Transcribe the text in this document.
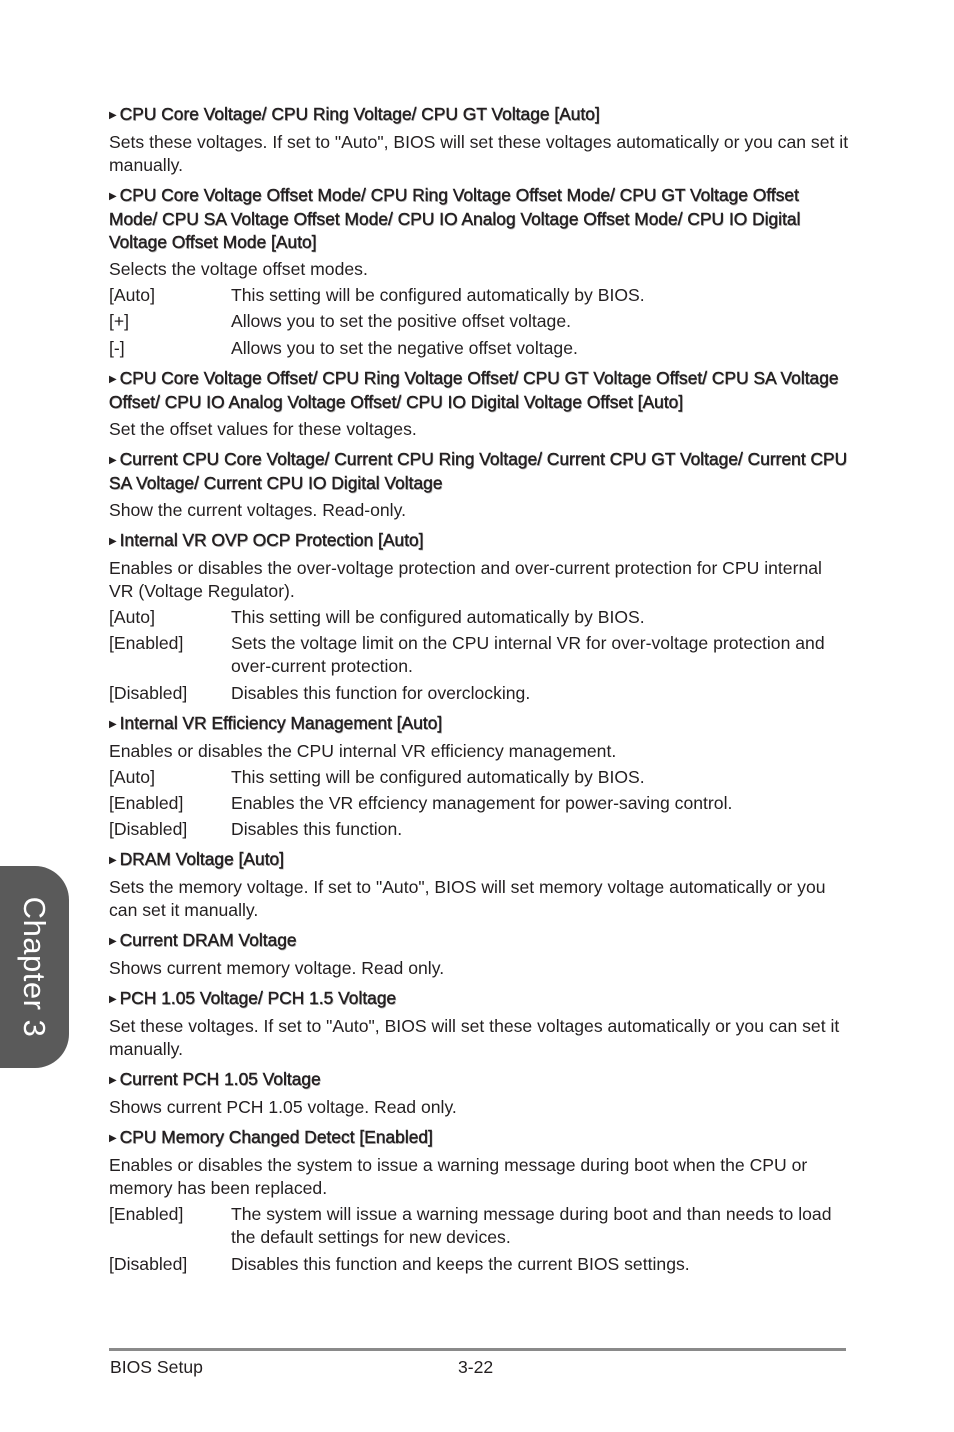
▶ CPU Core Voltage/ CPU Ring Voltage/ CPU GT Voltage [Auto]
Sets these voltages. If set to "Auto", BIOS will set these voltages automatically or you can set it manually.
▶ CPU Core Voltage Offset Mode/ CPU Ring Voltage Offset Mode/ CPU GT Voltage Offset Mode/ CPU SA Voltage Offset Mode/ CPU IO Analog Voltage Offset Mode/ CPU IO Digital Voltage Offset Mode [Auto]
Selects the voltage offset modes.
[Auto]	This setting will be configured automatically by BIOS.
[+]	Allows you to set the positive offset voltage.
[-]	Allows you to set the negative offset voltage.
▶ CPU Core Voltage Offset/ CPU Ring Voltage Offset/ CPU GT Voltage Offset/ CPU SA Voltage Offset/ CPU IO Analog Voltage Offset/ CPU IO Digital Voltage Offset [Auto]
Set the offset values for these voltages.
▶ Current CPU Core Voltage/ Current CPU Ring Voltage/ Current CPU GT Voltage/ Current CPU SA Voltage/ Current CPU IO Digital Voltage
Show the current voltages. Read-only.
▶ Internal VR OVP OCP Protection [Auto]
Enables or disables the over-voltage protection and over-current protection for CPU internal VR (Voltage Regulator).
[Auto]	This setting will be configured automatically by BIOS.
[Enabled]	Sets the voltage limit on the CPU internal VR for over-voltage protection and over-current protection.
[Disabled]	Disables this function for overclocking.
▶ Internal VR Efficiency Management [Auto]
Enables or disables the CPU internal VR efficiency management.
[Auto]	This setting will be configured automatically by BIOS.
[Enabled]	Enables the VR effciency management for power-saving control.
[Disabled]	Disables this function.
▶ DRAM Voltage [Auto]
Sets the memory voltage. If set to "Auto", BIOS will set memory voltage automatically or you can set it manually.
▶ Current DRAM Voltage
Shows current memory voltage. Read only.
▶ PCH 1.05 Voltage/ PCH 1.5 Voltage
Set these voltages. If set to "Auto", BIOS will set these voltages automatically or you can set it manually.
▶ Current PCH 1.05 Voltage
Shows current PCH 1.05 voltage. Read only.
▶ CPU Memory Changed Detect [Enabled]
Enables or disables the system to issue a warning message during boot when the CPU or memory has been replaced.
[Enabled]	The system will issue a warning message during boot and than needs to load the default settings for new devices.
[Disabled]	Disables this function and keeps the current BIOS settings.
BIOS Setup	3-22
Chapter 3
